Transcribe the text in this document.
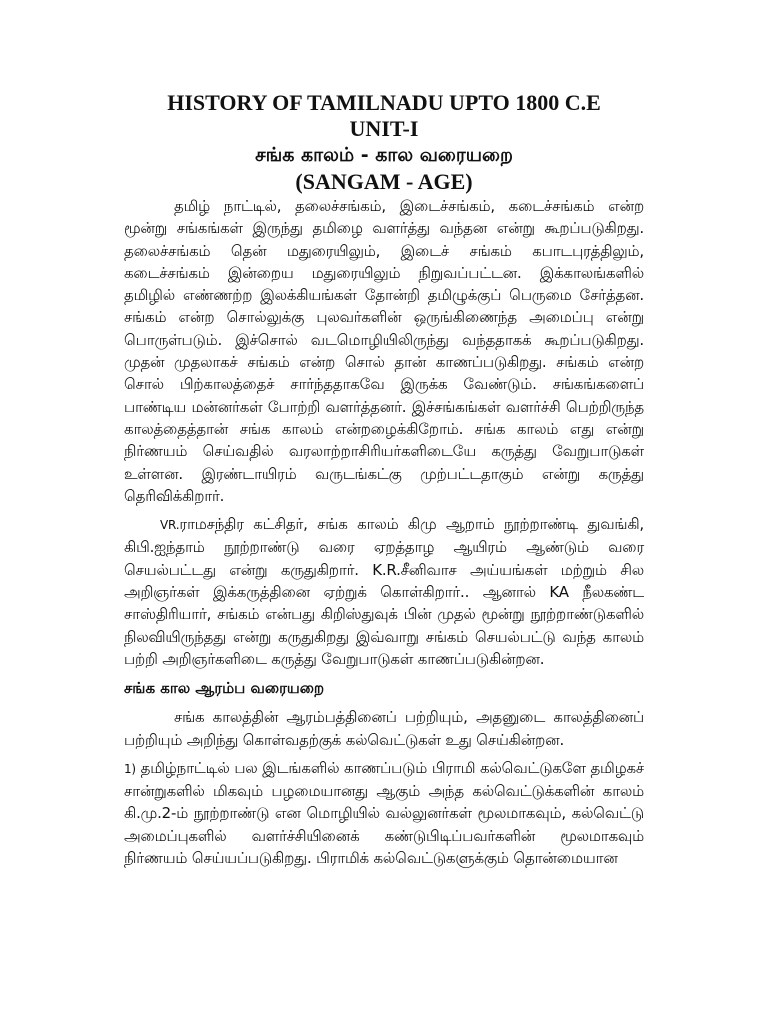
HISTORY OF TAMILNADU UPTO 1800 C.E
UNIT-I
சங்க காலம் - கால வரையறை
(SANGAM - AGE)

தமிழ் நாட்டில், தலைச்சங்கம், இடைச்சங்கம், கடைச்சங்கம் என்ற மூன்று சங்கங்கள் இருந்து தமிழை வளர்த்து வந்தன என்று கூறப்படுகிறது. தலைச்சங்கம் தென் மதுரையிலும், இடைச் சங்கம் கபாடபுரத்திலும், கடைச்சங்கம் இன்றைய மதுரையிலும் நிறுவப்பட்டன. இக்காலங்களில் தமிழில் எண்ணற்ற இலக்கியங்கள் தோன்றி தமிழுக்குப் பெருமை சேர்த்தன. சங்கம் என்ற சொல்லுக்கு புலவர்களின் ஒருங்கிணைந்த அமைப்பு என்று பொருள்படும். இச்சொல் வடமொழியிலிருந்து வந்ததாகக் கூறப்படுகிறது. முதன் முதலாகச் சங்கம் என்ற சொல் தான் காணப்படுகிறது. சங்கம் என்ற சொல் பிற்காலத்தைச் சார்ந்ததாகவே இருக்க வேண்டும். சங்கங்களைப் பாண்டிய மன்னர்கள் போற்றி வளர்த்தனர். இச்சங்கங்கள் வளர்ச்சி பெற்றிருந்த காலத்தைத்தான் சங்க காலம் என்றழைக்கிறோம். சங்க காலம் எது என்று நிர்ணயம் செய்வதில் வரலாற்றாசிரியர்களிடையே கருத்து வேறுபாடுகள் உள்ளன. இரண்டாயிரம் வருடங்கட்கு முற்பட்டதாகும் என்று கருத்து தெரிவிக்கிறார்.

VR.ராமசந்திர கட்சிதர், சங்க காலம் கிமு ஆறாம் நூற்றாண்டி துவங்கி, கிபி.ஐந்தாம் நூற்றாண்டு வரை ஏறத்தாழ ஆயிரம் ஆண்டும் வரை செயல்பட்டது என்று கருதுகிறார். K.R.சீனிவாச அய்யங்கள் மற்றும் சில அறிஞர்கள் இக்கருத்தினை ஏற்றுக் கொள்கிறார்.. ஆனால் KA நீலகண்ட சாஸ்திரியார், சங்கம் என்பது கிறிஸ்துவுக் பின் முதல் மூன்று நூற்றாண்டுகளில் நிலவியிருந்தது என்று கருதுகிறது இவ்வாறு சங்கம் செயல்பட்டு வந்த காலம் பற்றி அறிஞர்களிடை கருத்து வேறுபாடுகள் காணப்படுகின்றன.

சங்க கால ஆரம்ப வரையறை

சங்க காலத்தின் ஆரம்பத்தினைப் பற்றியும், அதனுடை காலத்தினைப் பற்றியும் அறிந்து கொள்வதற்குக் கல்வெட்டுகள் உது செய்கின்றன.

1) தமிழ்நாட்டில் பல இடங்களில் காணப்படும் பிராமி கல்வெட்டுகளே தமிழகச் சான்றுகளில் மிகவும் பழமையானது ஆகும் அந்த கல்வெட்டுக்களின் காலம் கி.மு.2-ம் நூற்றாண்டு என மொழியில் வல்லுனர்கள் மூலமாகவும், கல்வெட்டு அமைப்புகளில் வளர்ச்சியினைக் கண்டுபிடிப்பவர்களின் மூலமாகவும் நிர்ணயம் செய்யப்படுகிறது. பிராமிக் கல்வெட்டுகளுக்கும் தொன்மையான
